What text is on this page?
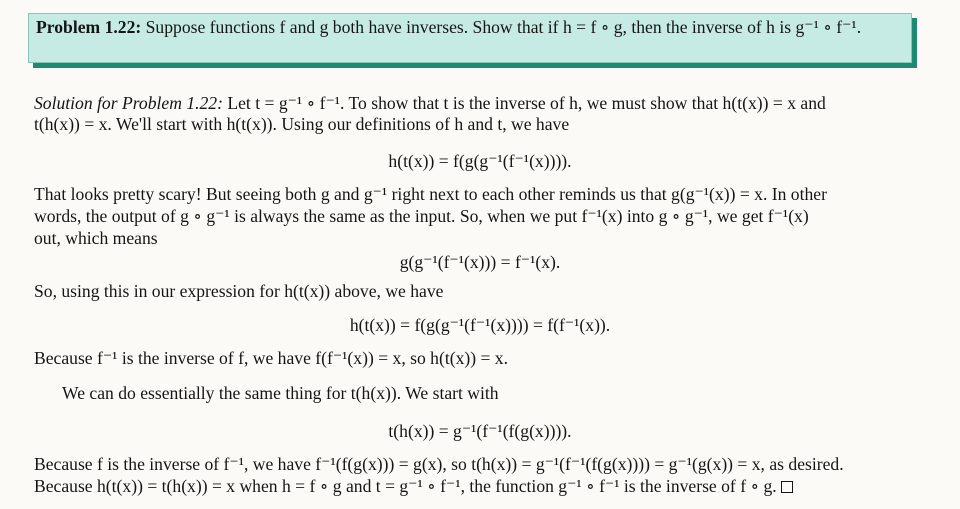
Problem 1.22: Suppose functions f and g both have inverses. Show that if h = f ∘ g, then the inverse of h is g⁻¹ ∘ f⁻¹.
Solution for Problem 1.22: Let t = g⁻¹ ∘ f⁻¹. To show that t is the inverse of h, we must show that h(t(x)) = x and
t(h(x)) = x. We'll start with h(t(x)). Using our definitions of h and t, we have
h(t(x)) = f(g(g⁻¹(f⁻¹(x)))).
That looks pretty scary! But seeing both g and g⁻¹ right next to each other reminds us that g(g⁻¹(x)) = x. In other
words, the output of g ∘ g⁻¹ is always the same as the input. So, when we put f⁻¹(x) into g ∘ g⁻¹, we get f⁻¹(x)
out, which means
g(g⁻¹(f⁻¹(x))) = f⁻¹(x).
So, using this in our expression for h(t(x)) above, we have
h(t(x)) = f(g(g⁻¹(f⁻¹(x)))) = f(f⁻¹(x)).
Because f⁻¹ is the inverse of f, we have f(f⁻¹(x)) = x, so h(t(x)) = x.
We can do essentially the same thing for t(h(x)). We start with
t(h(x)) = g⁻¹(f⁻¹(f(g(x)))).
Because f is the inverse of f⁻¹, we have f⁻¹(f(g(x))) = g(x), so t(h(x)) = g⁻¹(f⁻¹(f(g(x)))) = g⁻¹(g(x)) = x, as desired.
Because h(t(x)) = t(h(x)) = x when h = f ∘ g and t = g⁻¹ ∘ f⁻¹, the function g⁻¹ ∘ f⁻¹ is the inverse of f ∘ g.
